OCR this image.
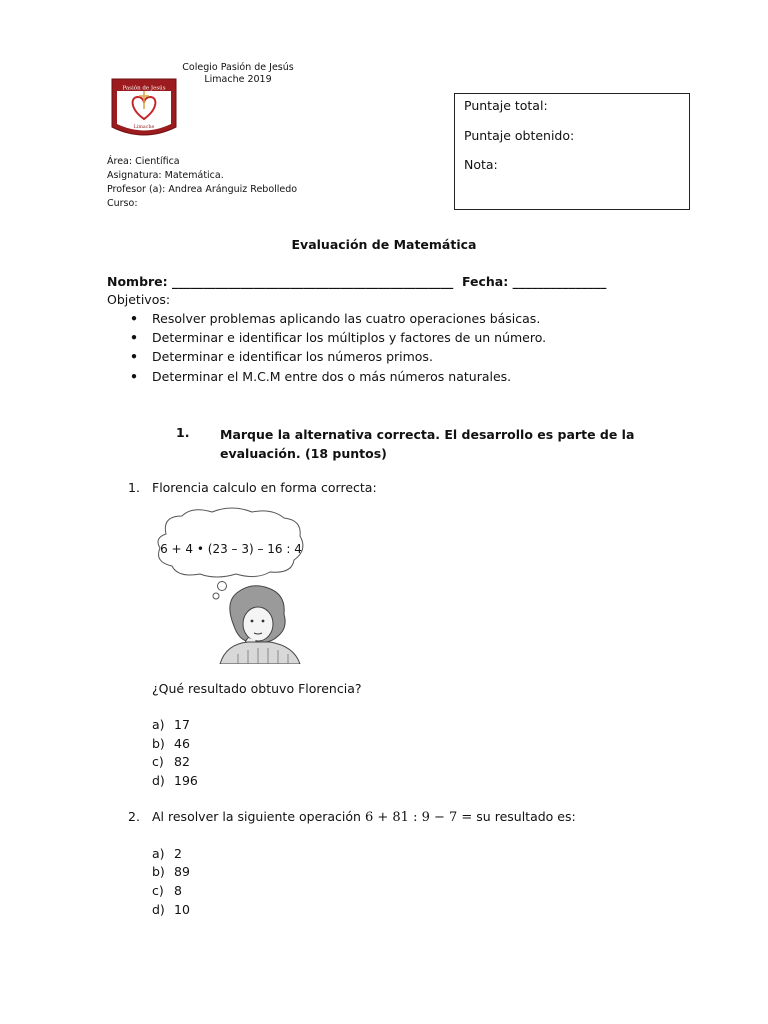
Colegio Pasión de Jesús
Limache 2019
Pasión de Jesús
Limache
Área: Científica
Asignatura: Matemática.
Profesor (a): Andrea Aránguiz Rebolledo
Curso:
Puntaje total:
Puntaje obtenido:
Nota:
Evaluación de Matemática
Nombre: _____________________________________________  Fecha: _______________
Objetivos:
• Resolver problemas aplicando las cuatro operaciones básicas.
• Determinar e identificar los múltiplos y factores de un número.
• Determinar e identificar los números primos.
• Determinar el M.C.M entre dos o más números naturales.
1. Marque la alternativa correcta. El desarrollo es parte de la evaluación. (18 puntos)
1. Florencia calculo en forma correcta:
6 + 4 • (23 – 3) – 16 : 4
¿Qué resultado obtuvo Florencia?
a) 17
b) 46
c) 82
d) 196
2. Al resolver la siguiente operación 6 + 81 : 9 − 7 = su resultado es:
a) 2
b) 89
c) 8
d) 10
